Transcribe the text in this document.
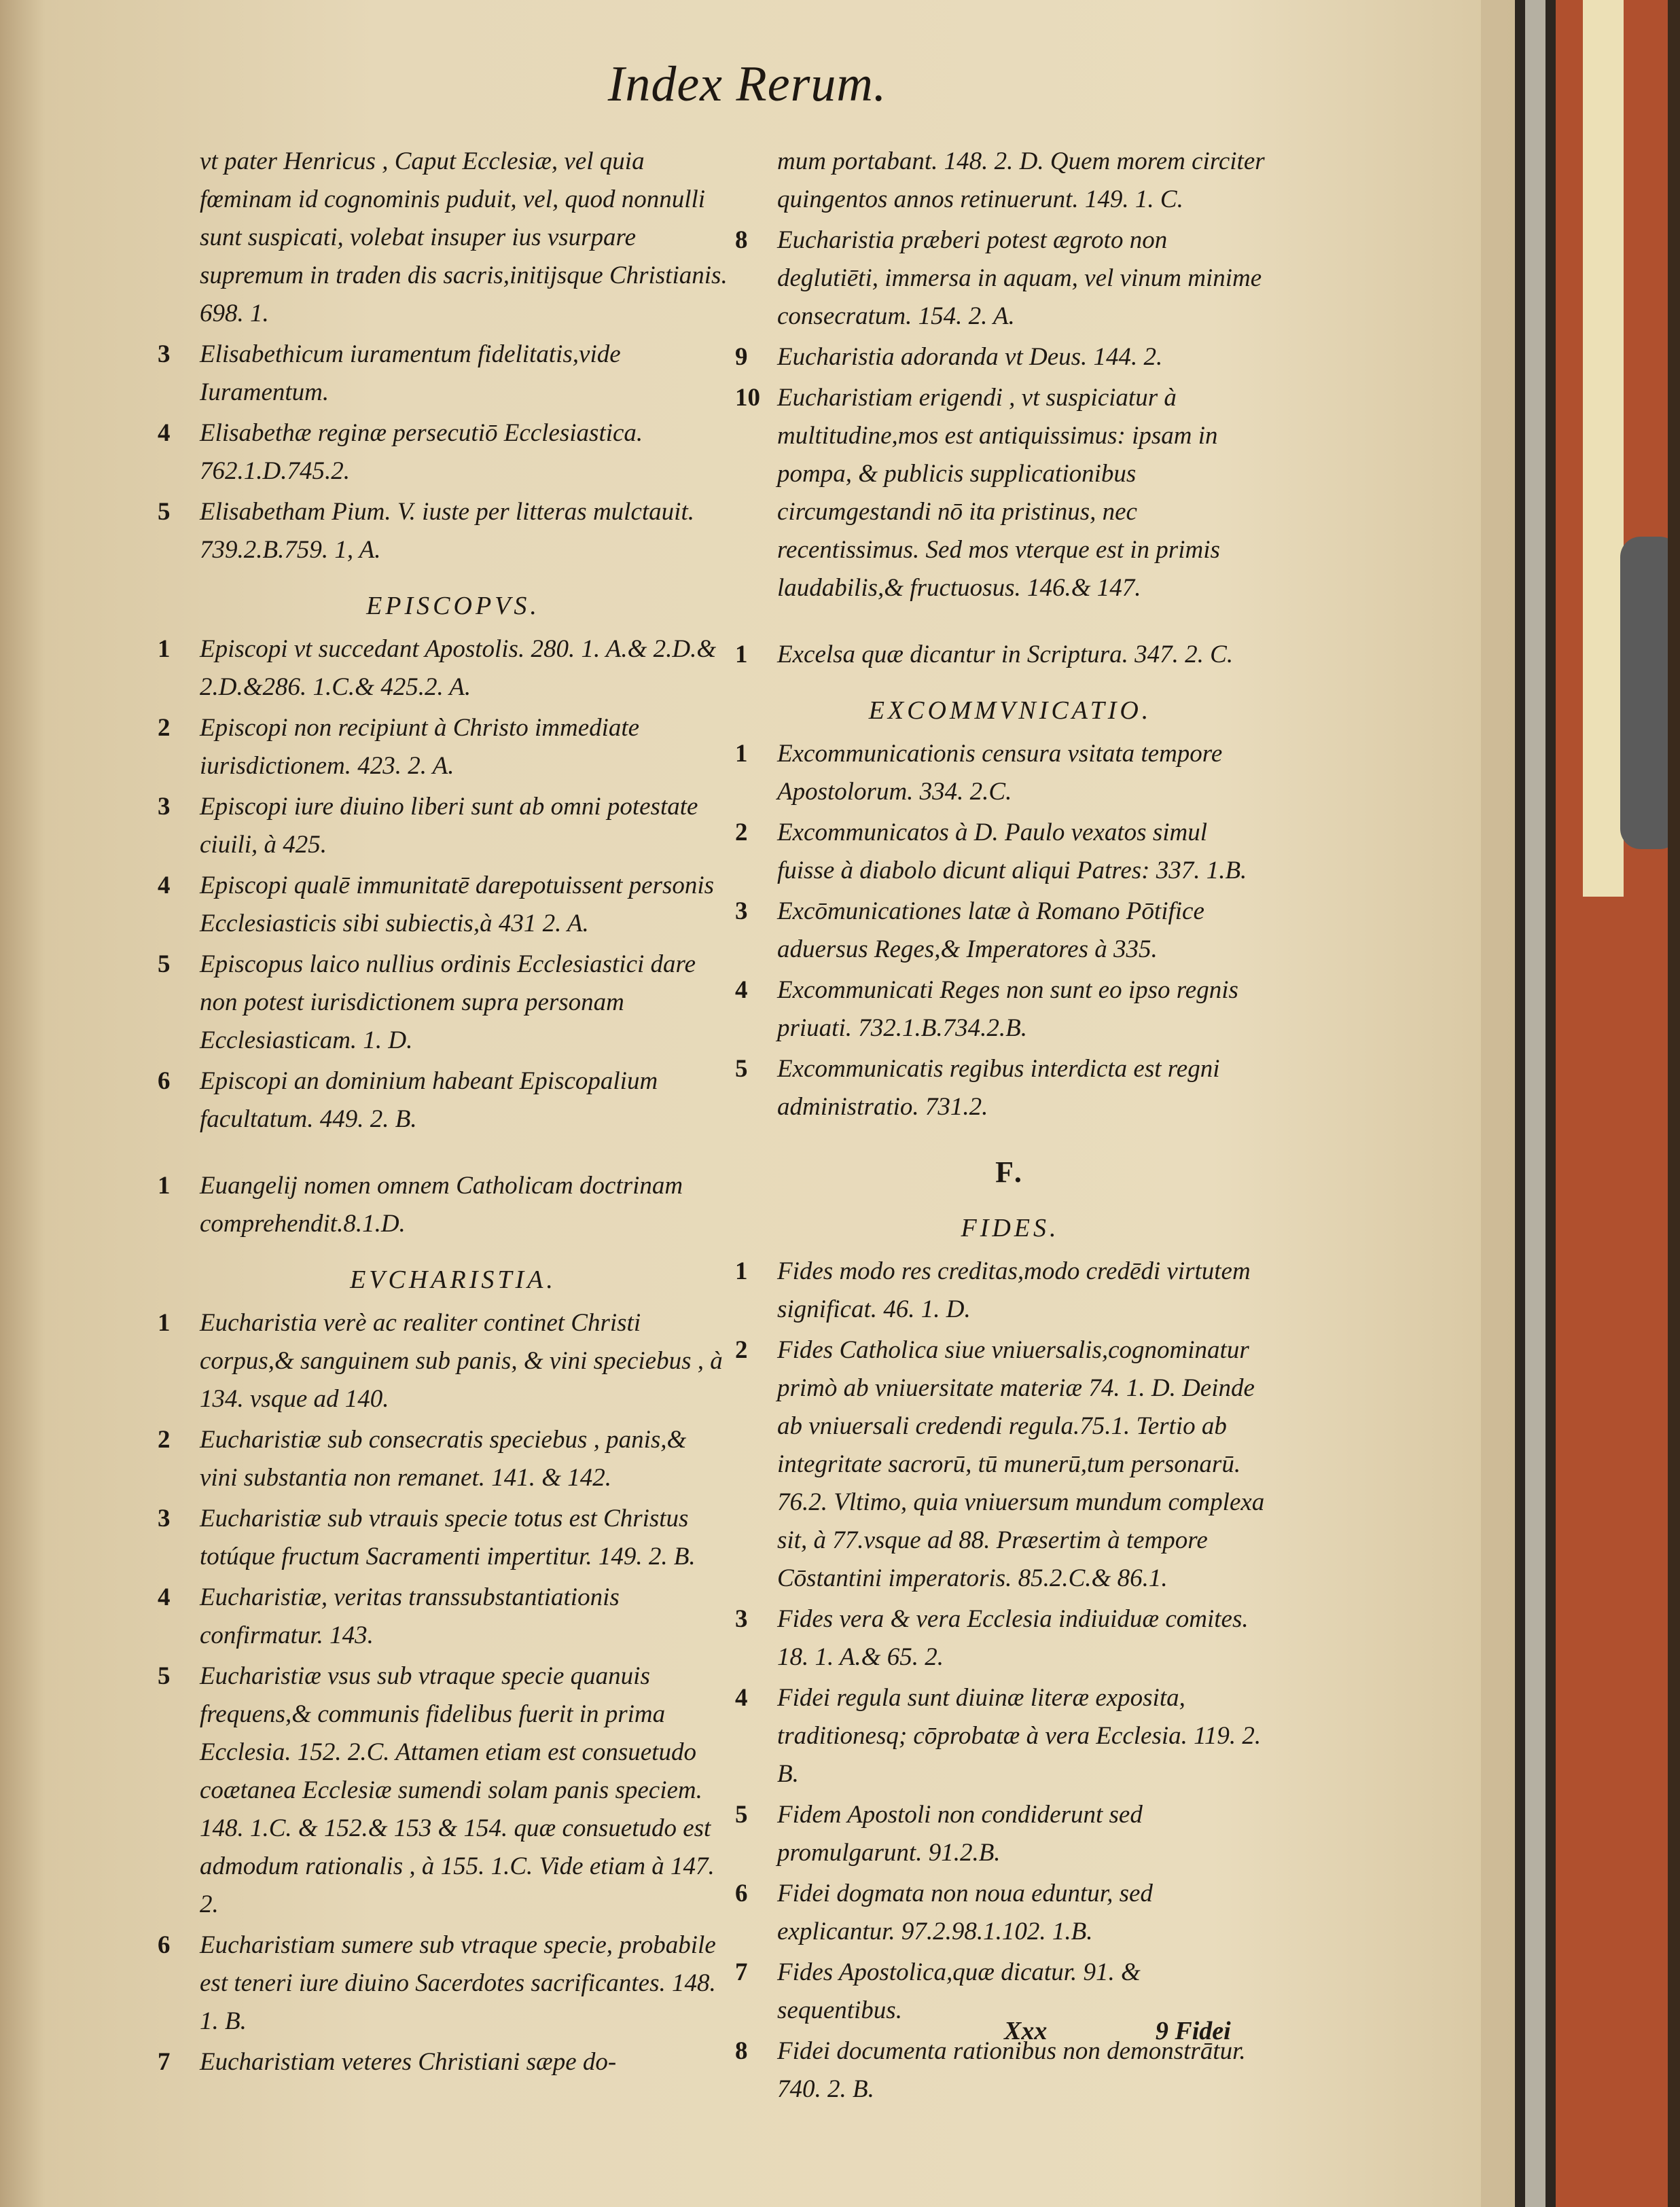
Index Rerum.
vt pater Henricus , Caput Ecclesiæ, vel quia fœminam id cognominis puduit, vel, quod nonnulli sunt suspicati, volebat insuper ius vsurpare supremum in traden dis sacris,initijsque Christianis. 698. 1.
3	Elisabethicum iuramentum fidelitatis,vide Iuramentum.
4	Elisabethæ reginæ persecutiō Ecclesiastica. 762.1.D.745.2.
5	Elisabetham Pium. V. iuste per litteras mulctauit. 739.2.B.759. 1, A.
EPISCOPVS.
1	Episcopi vt succedant Apostolis. 280. 1. A.& 2.D.& 2.D.&286. 1.C.& 425.2. A.
2	Episcopi non recipiunt à Christo immediate iurisdictionem. 423. 2. A.
3	Episcopi iure diuino liberi sunt ab omni potestate ciuili, à 425.
4	Episcopi qualē immunitatē darepotuissent personis Ecclesiasticis sibi subiectis,à 431 2. A.
5	Episcopus laico nullius ordinis Ecclesiastici dare non potest iurisdictionem supra personam Ecclesiasticam. 1. D.
6	Episcopi an dominium habeant Episcopalium facultatum. 449. 2. B.
1	Euangelij nomen omnem Catholicam doctrinam comprehendit.8.1.D.
EVCHARISTIA.
1	Eucharistia verè ac realiter continet Christi corpus,& sanguinem sub panis, & vini speciebus , à 134. vsque ad 140.
2	Eucharistiæ sub consecratis speciebus , panis,& vini substantia non remanet. 141. & 142.
3	Eucharistiæ sub vtrauis specie totus est Christus totúque fructum Sacramenti impertitur. 149. 2. B.
4	Eucharistiæ, veritas transsubstantiationis confirmatur. 143.
5	Eucharistiæ vsus sub vtraque specie quanuis frequens,& communis fidelibus fuerit in prima Ecclesia. 152. 2.C. Attamen etiam est consuetudo coætanea Ecclesiæ sumendi solam panis speciem. 148. 1.C. & 152.& 153 & 154. quæ consuetudo est admodum rationalis , à 155. 1.C. Vide etiam à 147. 2.
6	Eucharistiam sumere sub vtraque specie, probabile est teneri iure diuino Sacerdotes sacrificantes. 148. 1. B.
7	Eucharistiam veteres Christiani sæpe do-
mum portabant. 148. 2. D. Quem morem circiter quingentos annos retinuerunt. 149. 1. C.
8	Eucharistia præberi potest ægroto non deglutiēti, immersa in aquam, vel vinum minime consecratum. 154. 2. A.
9	Eucharistia adoranda vt Deus. 144. 2.
10 Eucharistiam erigendi , vt suspiciatur à multitudine,mos est antiquissimus: ipsam in pompa, & publicis supplicationibus circumgestandi nō ita pristinus, nec recentissimus. Sed mos vterque est in primis laudabilis,& fructuosus. 146.& 147.
1	Excelsa quæ dicantur in Scriptura. 347. 2. C.
EXCOMMVNICATIO.
1	Excommunicationis censura vsitata tempore Apostolorum. 334. 2.C.
2	Excommunicatos à D. Paulo vexatos simul fuisse à diabolo dicunt aliqui Patres: 337. 1.B.
3	Excōmunicationes latæ à Romano Pōtifice aduersus Reges,& Imperatores à 335.
4	Excommunicati Reges non sunt eo ipso regnis priuati. 732.1.B.734.2.B.
5	Excommunicatis regibus interdicta est regni administratio. 731.2.
F.
FIDES.
1	Fides modo res creditas,modo credēdi virtutem significat. 46. 1. D.
2	Fides Catholica siue vniuersalis,cognominatur primò ab vniuersitate materiæ 74. 1. D. Deinde ab vniuersali credendi regula.75.1. Tertio ab integritate sacrorū, tū munerū,tum personarū. 76.2. Vltimo, quia vniuersum mundum complexa sit, à 77.vsque ad 88. Præsertim à tempore Cōstantini imperatoris. 85.2.C.& 86.1.
3	Fides vera & vera Ecclesia indiuiduæ comites. 18. 1. A.& 65. 2.
4	Fidei regula sunt diuinæ literæ exposita, traditionesq; cōprobatæ à vera Ecclesia. 119. 2. B.
5	Fidem Apostoli non condiderunt sed promulgarunt. 91.2.B.
6	Fidei dogmata non noua eduntur, sed explicantur. 97.2.98.1.102. 1.B.
7	Fides Apostolica,quæ dicatur. 91. & sequentibus.
8	Fidei documenta rationibus non demonstrātur. 740. 2. B.
Xxx	9 Fidei
